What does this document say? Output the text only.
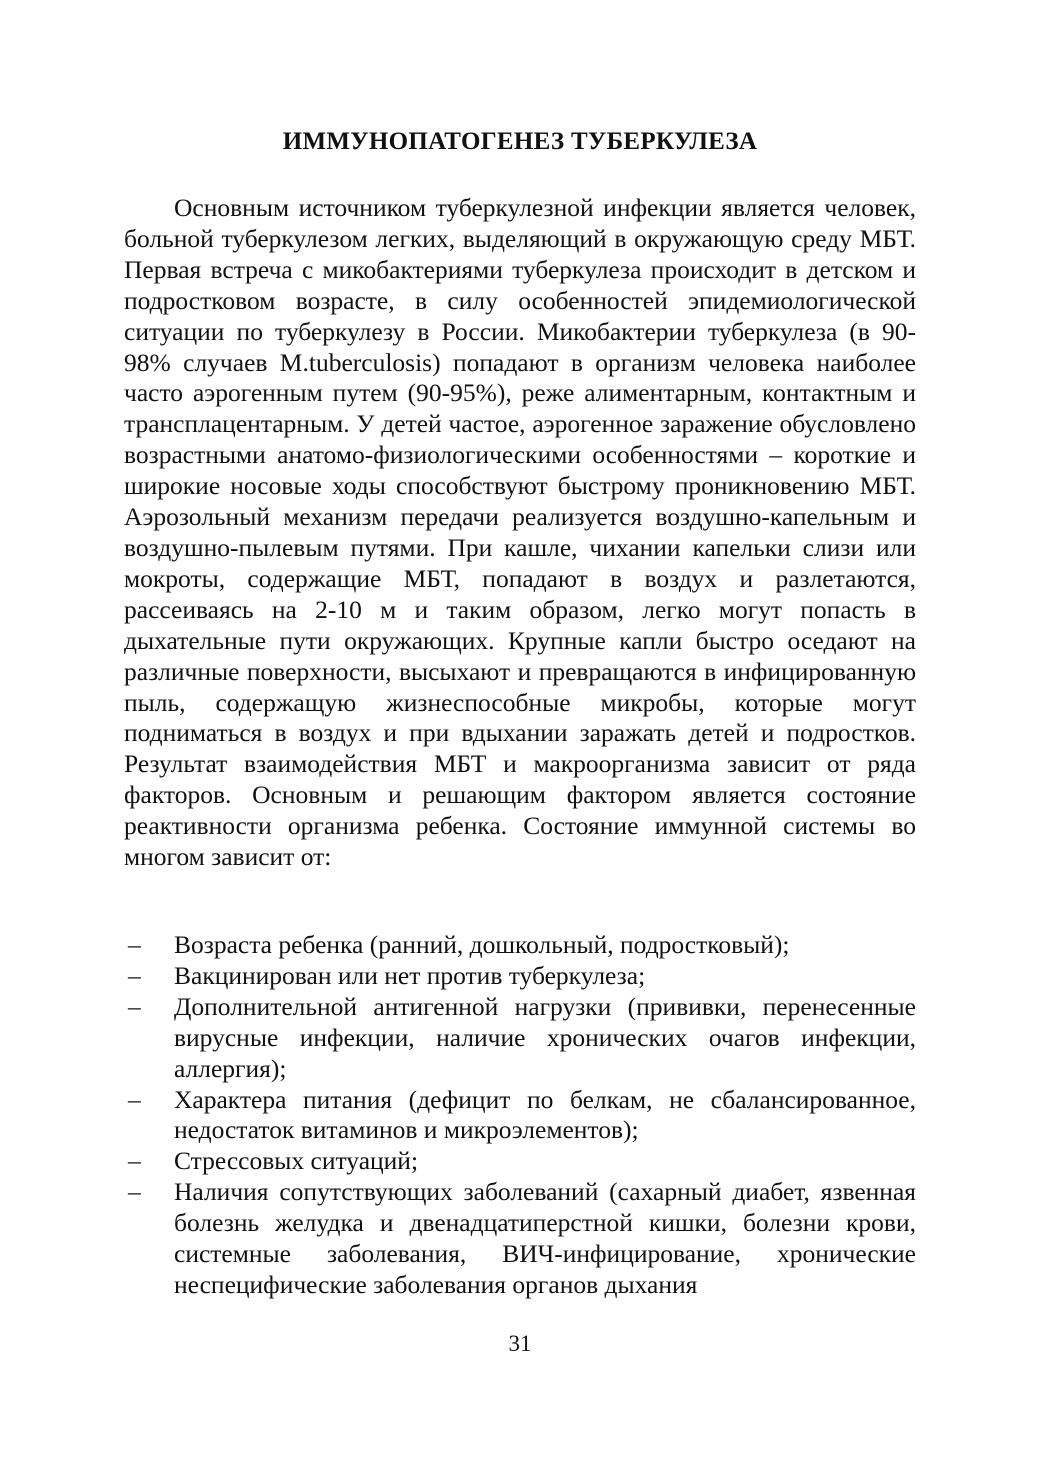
ИММУНОПАТОГЕНЕЗ ТУБЕРКУЛЕЗА

Основным источником туберкулезной инфекции является человек, больной туберкулезом легких, выделяющий в окружающую среду МБТ. Первая встреча с микобактериями туберкулеза происходит в детском и подростковом возрасте, в силу особенностей эпидемиологической ситуации по туберкулезу в России. Микобактерии туберкулеза (в 90-98% случаев M.tuberculosis) попадают в организм человека наиболее часто аэрогенным путем (90-95%), реже алиментарным, контактным и трансплацентарным. У детей частое, аэрогенное заражение обусловлено возрастными анатомо-физиологическими особенностями – короткие и широкие носовые ходы способствуют быстрому проникновению МБТ. Аэрозольный механизм передачи реализуется воздушно-капельным и воздушно-пылевым путями. При кашле, чихании капельки слизи или мокроты, содержащие МБТ, попадают в воздух и разлетаются, рассеиваясь на 2-10 м и таким образом, легко могут попасть в дыхательные пути окружающих. Крупные капли быстро оседают на различные поверхности, высыхают и превращаются в инфицированную пыль, содержащую жизнеспособные микробы, которые могут подниматься в воздух и при вдыхании заражать детей и подростков. Результат взаимодействия МБТ и макроорганизма зависит от ряда факторов. Основным и решающим фактором является состояние реактивности организма ребенка. Состояние иммунной системы во многом зависит от:

– Возраста ребенка (ранний, дошкольный, подростковый);
– Вакцинирован или нет против туберкулеза;
– Дополнительной антигенной нагрузки (прививки, перенесенные вирусные инфекции, наличие хронических очагов инфекции, аллергия);
– Характера питания (дефицит по белкам, не сбалансированное, недостаток витаминов и микроэлементов);
– Стрессовых ситуаций;
– Наличия сопутствующих заболеваний (сахарный диабет, язвенная болезнь желудка и двенадцатиперстной кишки, болезни крови, системные заболевания, ВИЧ-инфицирование, хронические неспецифические заболевания органов дыхания
31
